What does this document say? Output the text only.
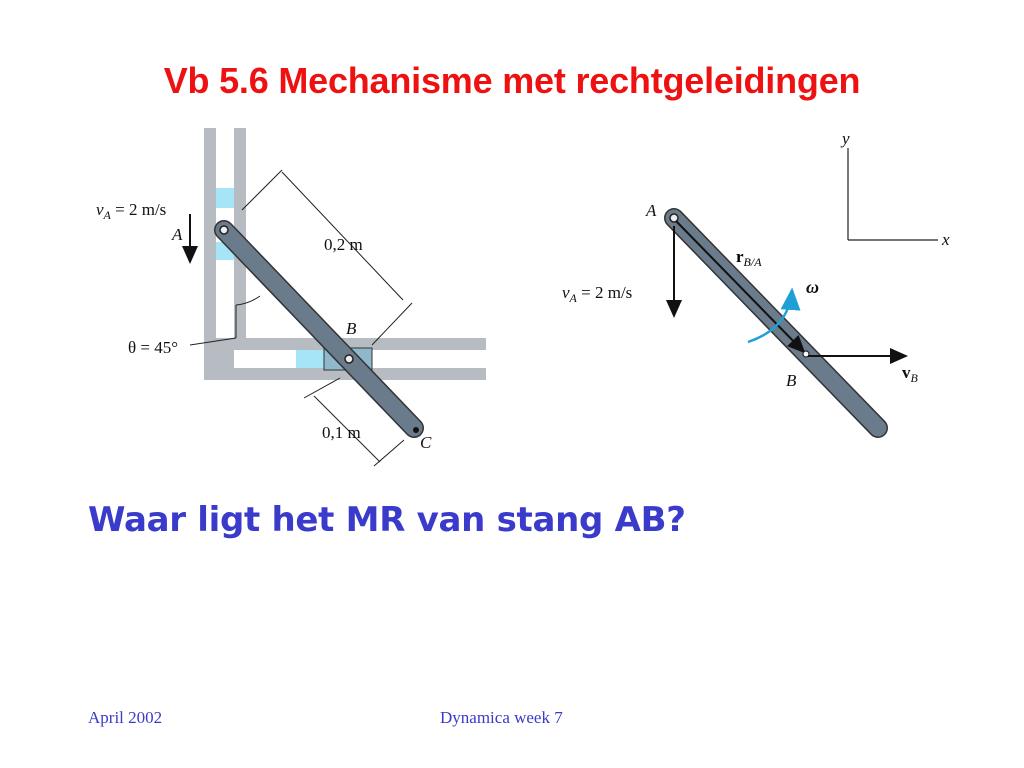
Vb 5.6 Mechanisme met rechtgeleidingen
$v_A = 2$ m/s
A
0,2 m
B
0,1 m
C
θ = 45°
y
x
$r_{B/A}$
ω
$v_A = 2$ m/s
A
$v_B$
B
Waar ligt het MR van stang AB?
April 2002	Dynamica week 7
